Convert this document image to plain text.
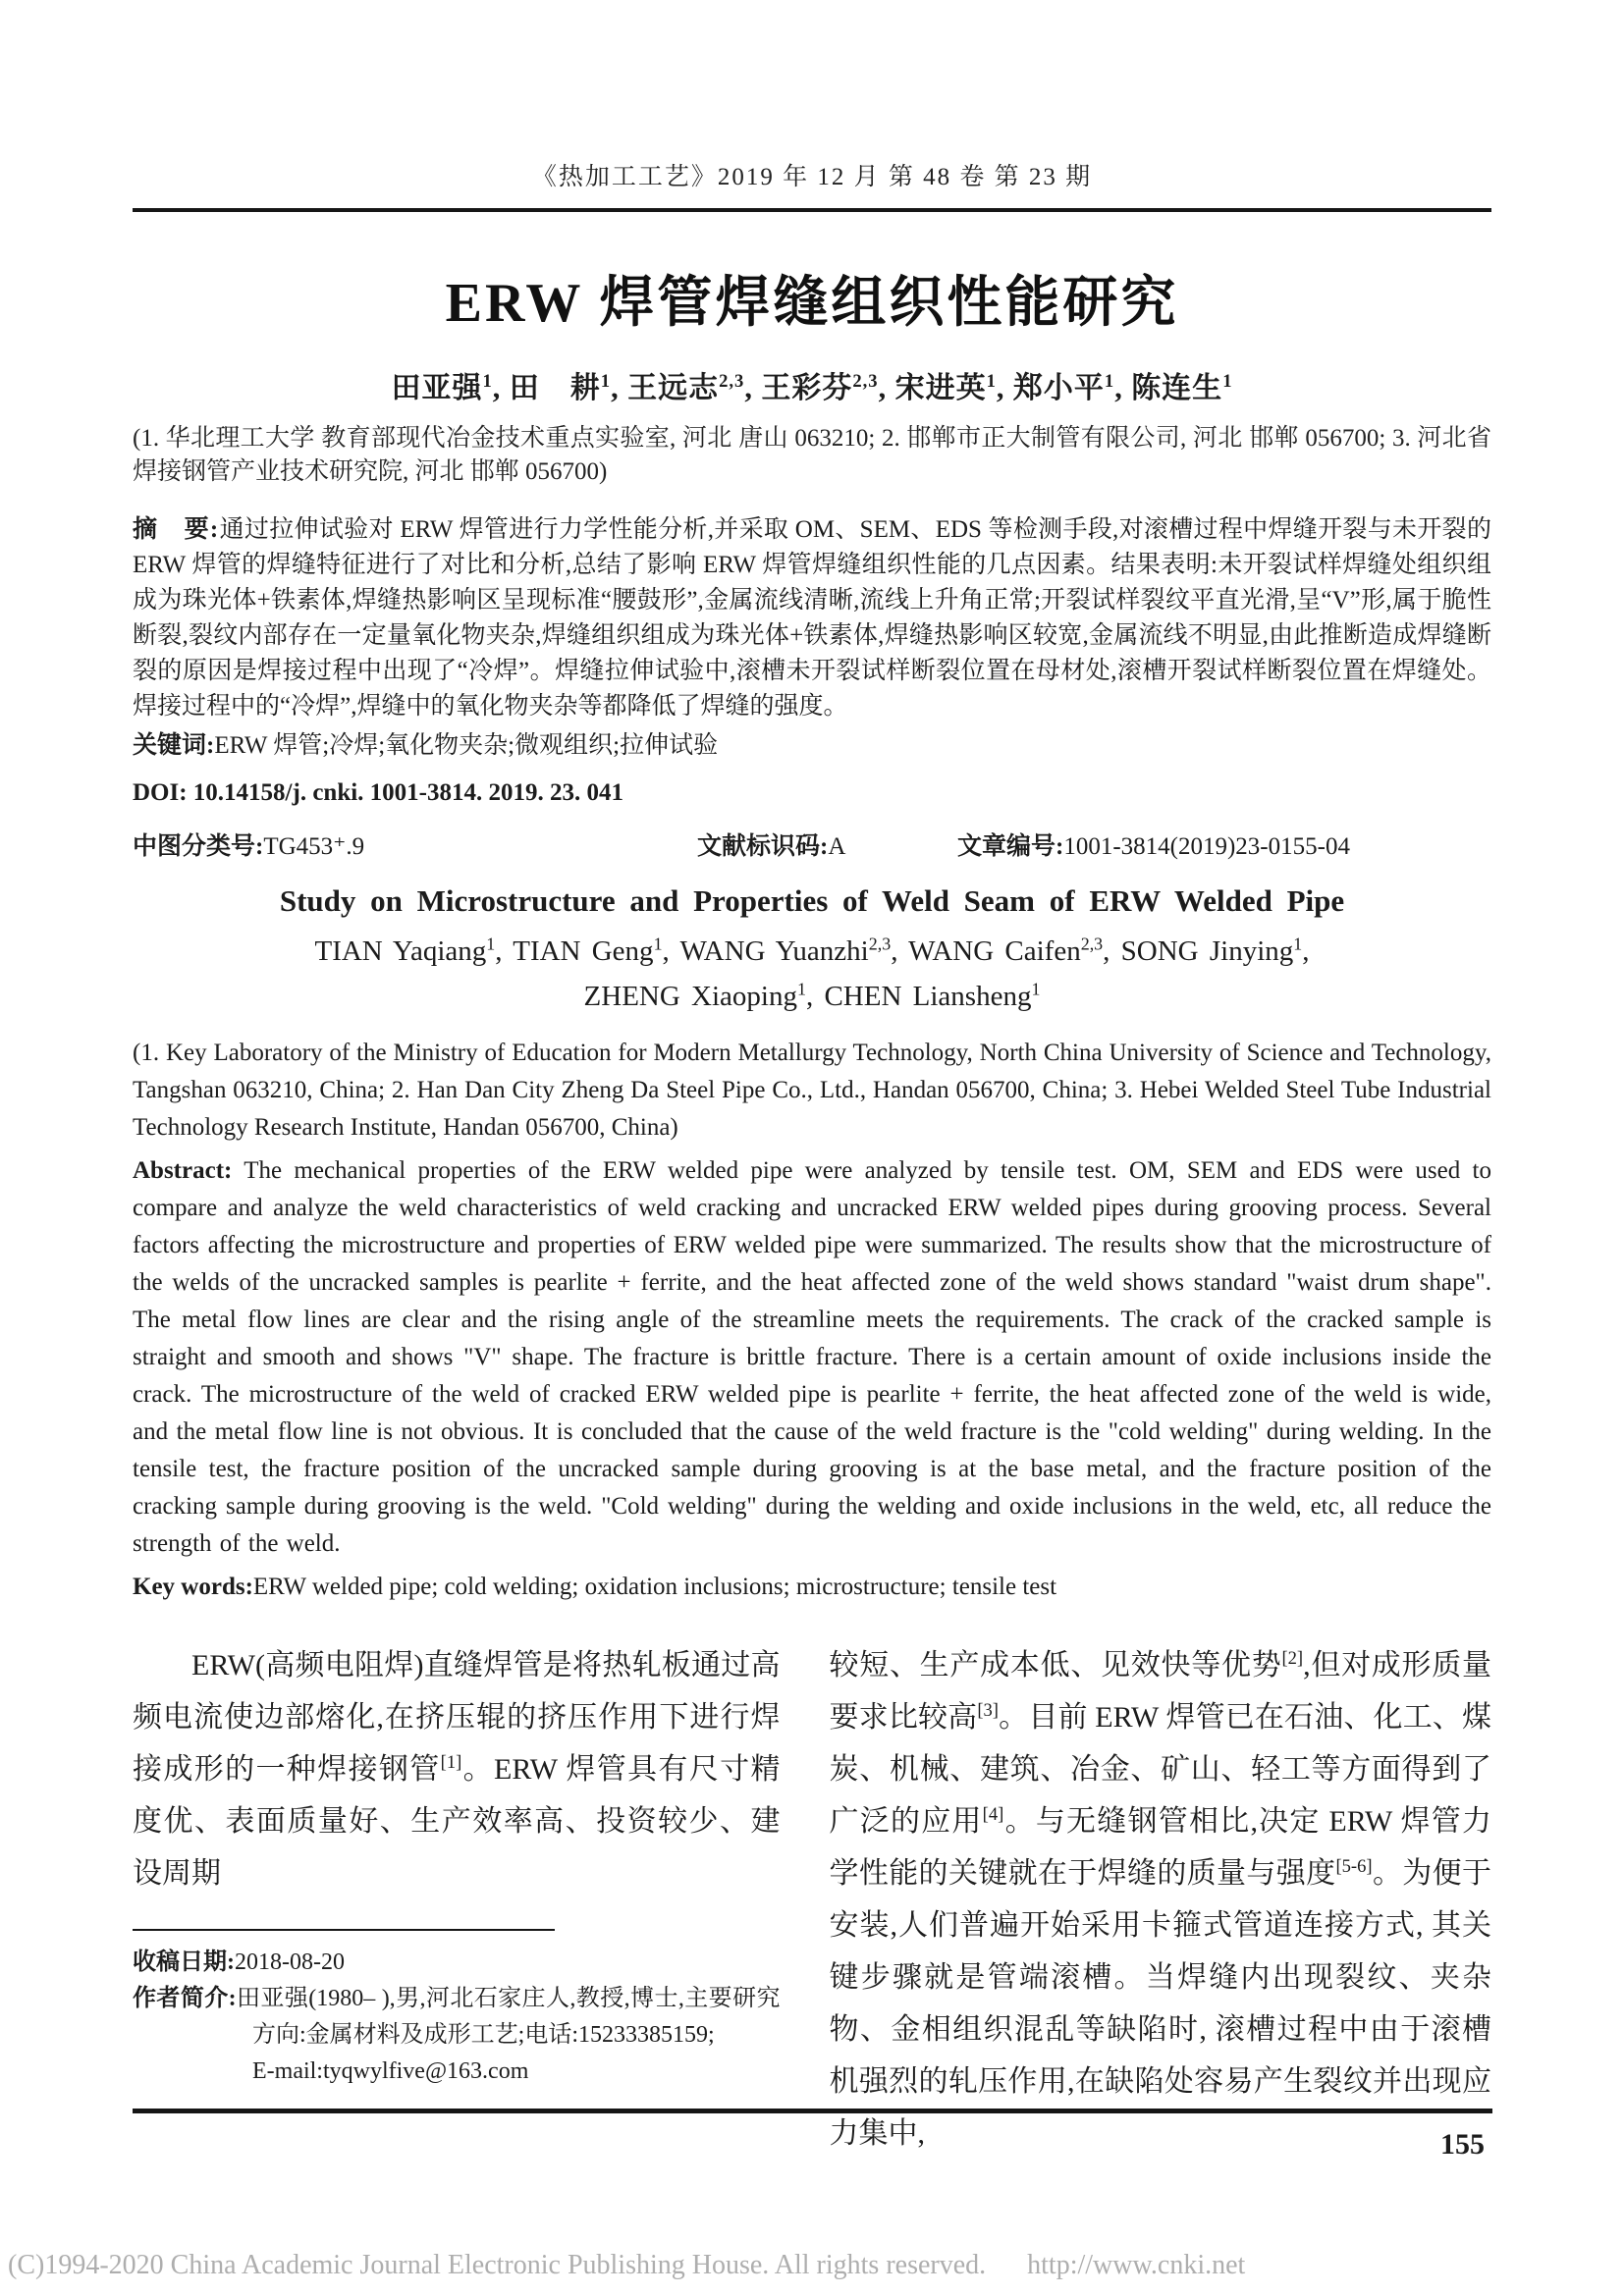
《热加工工艺》2019 年 12 月 第 48 卷 第 23 期
ERW 焊管焊缝组织性能研究
田亚强$^1$, 田　耕$^1$, 王远志$^{2,3}$, 王彩芬$^{2,3}$, 宋进英$^1$, 郑小平$^1$, 陈连生$^1$

(1. 华北理工大学 教育部现代冶金技术重点实验室, 河北 唐山 063210; 2. 邯郸市正大制管有限公司, 河北 邯郸 056700; 3. 河北省焊接钢管产业技术研究院, 河北 邯郸 056700)

摘　要:通过拉伸试验对 ERW 焊管进行力学性能分析,并采取 OM、SEM、EDS 等检测手段,对滚槽过程中焊缝开裂与未开裂的 ERW 焊管的焊缝特征进行了对比和分析,总结了影响 ERW 焊管焊缝组织性能的几点因素。结果表明:未开裂试样焊缝处组织组成为珠光体+铁素体,焊缝热影响区呈现标准“腰鼓形”,金属流线清晰,流线上升角正常;开裂试样裂纹平直光滑,呈“V”形,属于脆性断裂,裂纹内部存在一定量氧化物夹杂,焊缝组织组成为珠光体+铁素体,焊缝热影响区较宽,金属流线不明显,由此推断造成焊缝断裂的原因是焊接过程中出现了“冷焊”。焊缝拉伸试验中,滚槽未开裂试样断裂位置在母材处,滚槽开裂试样断裂位置在焊缝处。焊接过程中的“冷焊”,焊缝中的氧化物夹杂等都降低了焊缝的强度。

关键词:ERW 焊管;冷焊;氧化物夹杂;微观组织;拉伸试验

DOI: 10.14158/j. cnki. 1001-3814. 2019. 23. 041

中图分类号:TG453⁺.9	文献标识码:A	文章编号:1001-3814(2019)23-0155-04
Study on Microstructure and Properties of Weld Seam of ERW Welded Pipe
TIAN Yaqiang$^1$, TIAN Geng$^1$, WANG Yuanzhi$^{2,3}$, WANG Caifen$^{2,3}$, SONG Jinying$^1$,
ZHENG Xiaoping$^1$, CHEN Liansheng$^1$

(1. Key Laboratory of the Ministry of Education for Modern Metallurgy Technology, North China University of Science and Technology, Tangshan 063210, China; 2. Han Dan City Zheng Da Steel Pipe Co., Ltd., Handan 056700, China; 3. Hebei Welded Steel Tube Industrial Technology Research Institute, Handan 056700, China)

Abstract: The mechanical properties of the ERW welded pipe were analyzed by tensile test. OM, SEM and EDS were used to compare and analyze the weld characteristics of weld cracking and uncracked ERW welded pipes during grooving process. Several factors affecting the microstructure and properties of ERW welded pipe were summarized. The results show that the microstructure of the welds of the uncracked samples is pearlite + ferrite, and the heat affected zone of the weld shows standard "waist drum shape". The metal flow lines are clear and the rising angle of the streamline meets the requirements. The crack of the cracked sample is straight and smooth and shows "V" shape. The fracture is brittle fracture. There is a certain amount of oxide inclusions inside the crack. The microstructure of the weld of cracked ERW welded pipe is pearlite + ferrite, the heat affected zone of the weld is wide, and the metal flow line is not obvious. It is concluded that the cause of the weld fracture is the "cold welding" during welding. In the tensile test, the fracture position of the uncracked sample during grooving is at the base metal, and the fracture position of the cracking sample during grooving is the weld. "Cold welding" during the welding and oxide inclusions in the weld, etc, all reduce the strength of the weld.

Key words:ERW welded pipe; cold welding; oxidation inclusions; microstructure; tensile test

ERW(高频电阻焊)直缝焊管是将热轧板通过高频电流使边部熔化,在挤压辊的挤压作用下进行焊接成形的一种焊接钢管[1]。ERW 焊管具有尺寸精度优、表面质量好、生产效率高、投资较少、建设周期

收稿日期:2018-08-20

作者简介:田亚强(1980– ),男,河北石家庄人,教授,博士,主要研究方向:金属材料及成形工艺;电话:15233385159;

E-mail:tyqwylfive@163.com

较短、生产成本低、见效快等优势[2],但对成形质量要求比较高[3]。目前 ERW 焊管已在石油、化工、煤炭、机械、建筑、冶金、矿山、轻工等方面得到了广泛的应用[4]。与无缝钢管相比,决定 ERW 焊管力学性能的关键就在于焊缝的质量与强度[5-6]。为便于安装,人们普遍开始采用卡箍式管道连接方式, 其关键步骤就是管端滚槽。当焊缝内出现裂纹、夹杂物、金相组织混乱等缺陷时, 滚槽过程中由于滚槽机强烈的轧压作用,在缺陷处容易产生裂纹并出现应力集中,	155
(C)1994-2020 China Academic Journal Electronic Publishing House. All rights reserved. http://www.cnki.net
